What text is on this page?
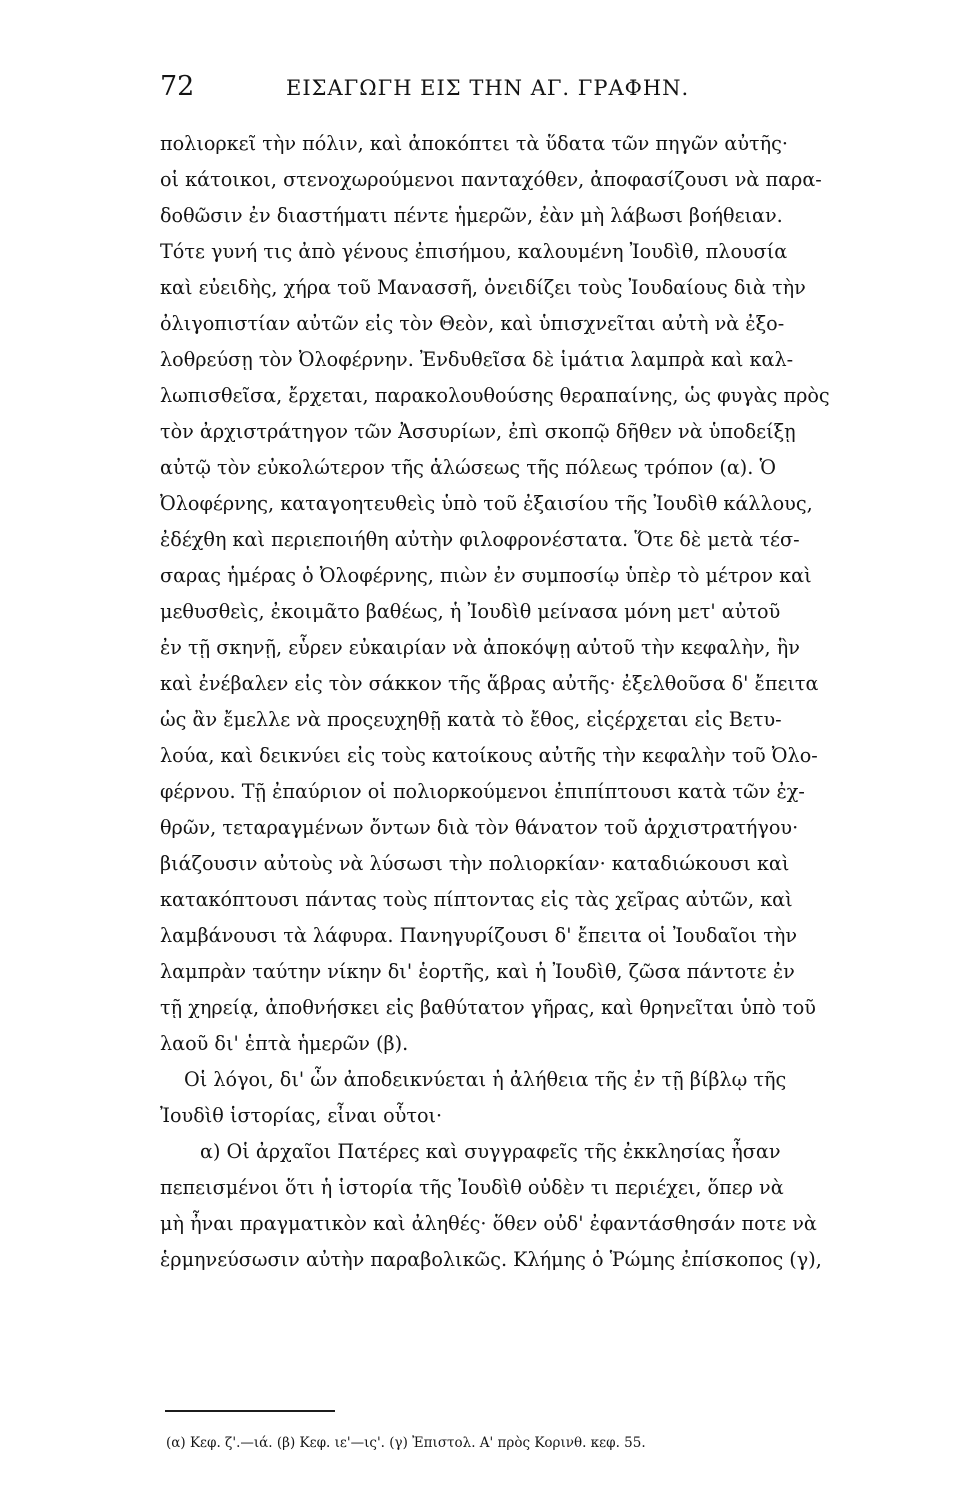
72	ΕΙΣΑΓΩΓΗ ΕΙΣ ΤΗΝ ΑΓ. ΓΡΑΦΗΝ.
πολιορκεῖ τὴν πόλιν, καὶ ἀποκόπτει τὰ ὕδατα τῶν πηγῶν αὐτῆς·
οἱ κάτοικοι, στενοχωρούμενοι πανταχόθεν, ἀποφασίζουσι νὰ παρα-
δοθῶσιν ἐν διαστήματι πέντε ἡμερῶν, ἐὰν μὴ λάβωσι βοήθειαν.
Τότε γυνή τις ἀπὸ γένους ἐπισήμου, καλουμένη Ἰουδὶθ, πλουσία
καὶ εὐειδὴς, χήρα τοῦ Μανασσῆ, ὀνειδίζει τοὺς Ἰουδαίους διὰ τὴν
ὀλιγοπιστίαν αὐτῶν εἰς τὸν Θεὸν, καὶ ὑπισχνεῖται αὐτὴ νὰ ἐξο-
λοθρεύσῃ τὸν Ὀλοφέρνην. Ἐνδυθεῖσα δὲ ἱμάτια λαμπρὰ καὶ καλ-
λωπισθεῖσα, ἔρχεται, παρακολουθούσης θεραπαίνης, ὡς φυγὰς πρὸς
τὸν ἀρχιστράτηγον τῶν Ἀσσυρίων, ἐπὶ σκοπῷ δῆθεν νὰ ὑποδείξῃ
αὐτῷ τὸν εὐκολώτερον τῆς ἁλώσεως τῆς πόλεως τρόπον (α). Ὁ
Ὀλοφέρνης, καταγοητευθεὶς ὑπὸ τοῦ ἐξαισίου τῆς Ἰουδὶθ κάλλους,
ἐδέχθη καὶ περιεποιήθη αὐτὴν φιλοφρονέστατα. Ὅτε δὲ μετὰ τέσ-
σαρας ἡμέρας ὁ Ὀλοφέρνης, πιὼν ἐν συμποσίῳ ὑπὲρ τὸ μέτρον καὶ
μεθυσθεὶς, ἐκοιμᾶτο βαθέως, ἡ Ἰουδὶθ μείνασα μόνη μετ' αὐτοῦ
ἐν τῇ σκηνῇ, εὗρεν εὐκαιρίαν νὰ ἀποκόψῃ αὐτοῦ τὴν κεφαλὴν, ἣν
καὶ ἐνέβαλεν εἰς τὸν σάκκον τῆς ἅβρας αὐτῆς· ἐξελθοῦσα δ' ἔπειτα
ὡς ἂν ἔμελλε νὰ προςευχηθῇ κατὰ τὸ ἔθος, εἰςέρχεται εἰς Βετυ-
λούα, καὶ δεικνύει εἰς τοὺς κατοίκους αὐτῆς τὴν κεφαλὴν τοῦ Ὀλο-
φέρνου. Τῇ ἐπαύριον οἱ πολιορκούμενοι ἐπιπίπτουσι κατὰ τῶν ἐχ-
θρῶν, τεταραγμένων ὄντων διὰ τὸν θάνατον τοῦ ἀρχιστρατήγου·
βιάζουσιν αὐτοὺς νὰ λύσωσι τὴν πολιορκίαν· καταδιώκουσι καὶ
κατακόπτουσι πάντας τοὺς πίπτοντας εἰς τὰς χεῖρας αὐτῶν, καὶ
λαμβάνουσι τὰ λάφυρα. Πανηγυρίζουσι δ' ἔπειτα οἱ Ἰουδαῖοι τὴν
λαμπρὰν ταύτην νίκην δι' ἑορτῆς, καὶ ἡ Ἰουδὶθ, ζῶσα πάντοτε ἐν
τῇ χηρείᾳ, ἀποθνήσκει εἰς βαθύτατον γῆρας, καὶ θρηνεῖται ὑπὸ τοῦ
λαοῦ δι' ἑπτὰ ἡμερῶν (β).
Οἱ λόγοι, δι' ὧν ἀποδεικνύεται ἡ ἀλήθεια τῆς ἐν τῇ βίβλῳ τῆς
Ἰουδὶθ ἱστορίας, εἶναι οὗτοι·
α) Οἱ ἀρχαῖοι Πατέρες καὶ συγγραφεῖς τῆς ἐκκλησίας ἦσαν
πεπεισμένοι ὅτι ἡ ἱστορία τῆς Ἰουδὶθ οὐδὲν τι περιέχει, ὅπερ νὰ
μὴ ἦναι πραγματικὸν καὶ ἀληθές· ὅθεν οὐδ' ἐφαντάσθησάν ποτε νὰ
ἑρμηνεύσωσιν αὐτὴν παραβολικῶς. Κλήμης ὁ Ῥώμης ἐπίσκοπος (γ),
(α) Κεφ. ζ'.—ιά. (β) Κεφ. ιε'—ις'. (γ) Ἐπιστολ. Α' πρὸς Κορινθ. κεφ. 55.
